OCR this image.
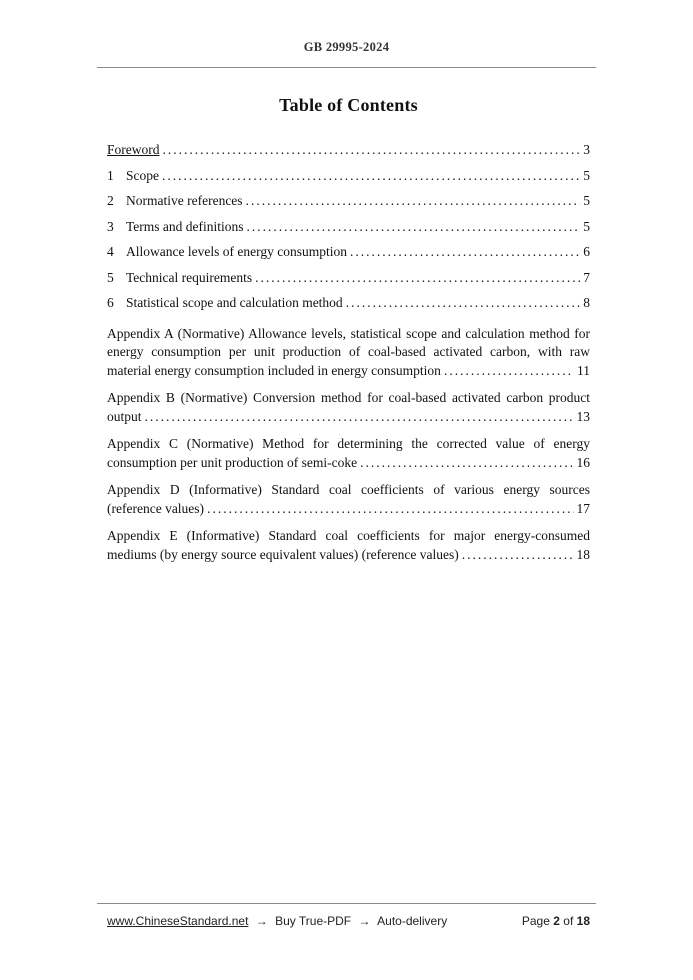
GB 29995-2024
Table of Contents
Foreword .....	3
1 Scope .....	5
2 Normative references .....	5
3 Terms and definitions .....	5
4 Allowance levels of energy consumption .....	6
5 Technical requirements .....	7
6 Statistical scope and calculation method .....	8
Appendix A (Normative) Allowance levels, statistical scope and calculation method for
energy consumption per unit production of coal-based activated carbon, with raw
material energy consumption included in energy consumption .....	11
Appendix B (Normative) Conversion method for coal-based activated carbon product
output .....	13
Appendix C (Normative) Method for determining the corrected value of energy
consumption per unit production of semi-coke .....	16
Appendix D (Informative) Standard coal coefficients of various energy sources
(reference values) .....	17
Appendix E (Informative) Standard coal coefficients for major energy-consumed
mediums (by energy source equivalent values) (reference values) .....	18
www.ChineseStandard.net → Buy True-PDF → Auto-delivery	Page 2 of 18
